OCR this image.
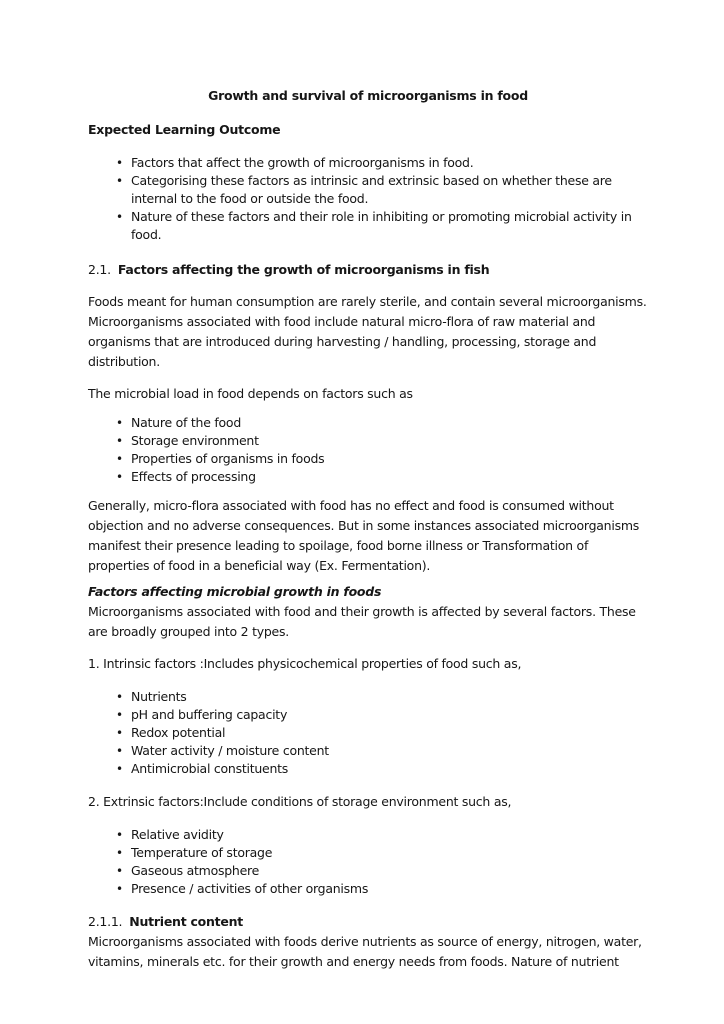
Growth and survival of microorganisms in food
Expected Learning Outcome
•
Factors that affect the growth of microorganisms in food.
•
Categorising these factors as intrinsic and extrinsic based on whether these are internal to the food or outside the food.
•
Nature of these factors and their role in inhibiting or promoting microbial activity in food.
2.1. Factors affecting the growth of microorganisms in fish

Foods meant for human consumption are rarely sterile, and contain several microorganisms. Microorganisms associated with food include natural micro-flora of raw material and organisms that are introduced during harvesting / handling, processing, storage and distribution.

The microbial load in food depends on factors such as

•
Nature of the food
•
Storage environment
•
Properties of organisms in foods
•
Effects of processing

Generally, micro-flora associated with food has no effect and food is consumed without objection and no adverse consequences. But in some instances associated microorganisms manifest their presence leading to spoilage, food borne illness or Transformation of properties of food in a beneficial way (Ex. Fermentation).

Factors affecting microbial growth in foods

Microorganisms associated with food and their growth is affected by several factors. These are broadly grouped into 2 types.

1. Intrinsic factors :Includes physicochemical properties of food such as,

•
Nutrients
•
pH and buffering capacity
•
Redox potential
•
Water activity / moisture content
•
Antimicrobial constituents

2. Extrinsic factors:Include conditions of storage environment such as,

•
Relative avidity
•
Temperature of storage
•
Gaseous atmosphere
•
Presence / activities of other organisms
2.1.1. Nutrient content

Microorganisms associated with foods derive nutrients as source of energy, nitrogen, water, vitamins, minerals etc. for their growth and energy needs from foods. Nature of nutrient
